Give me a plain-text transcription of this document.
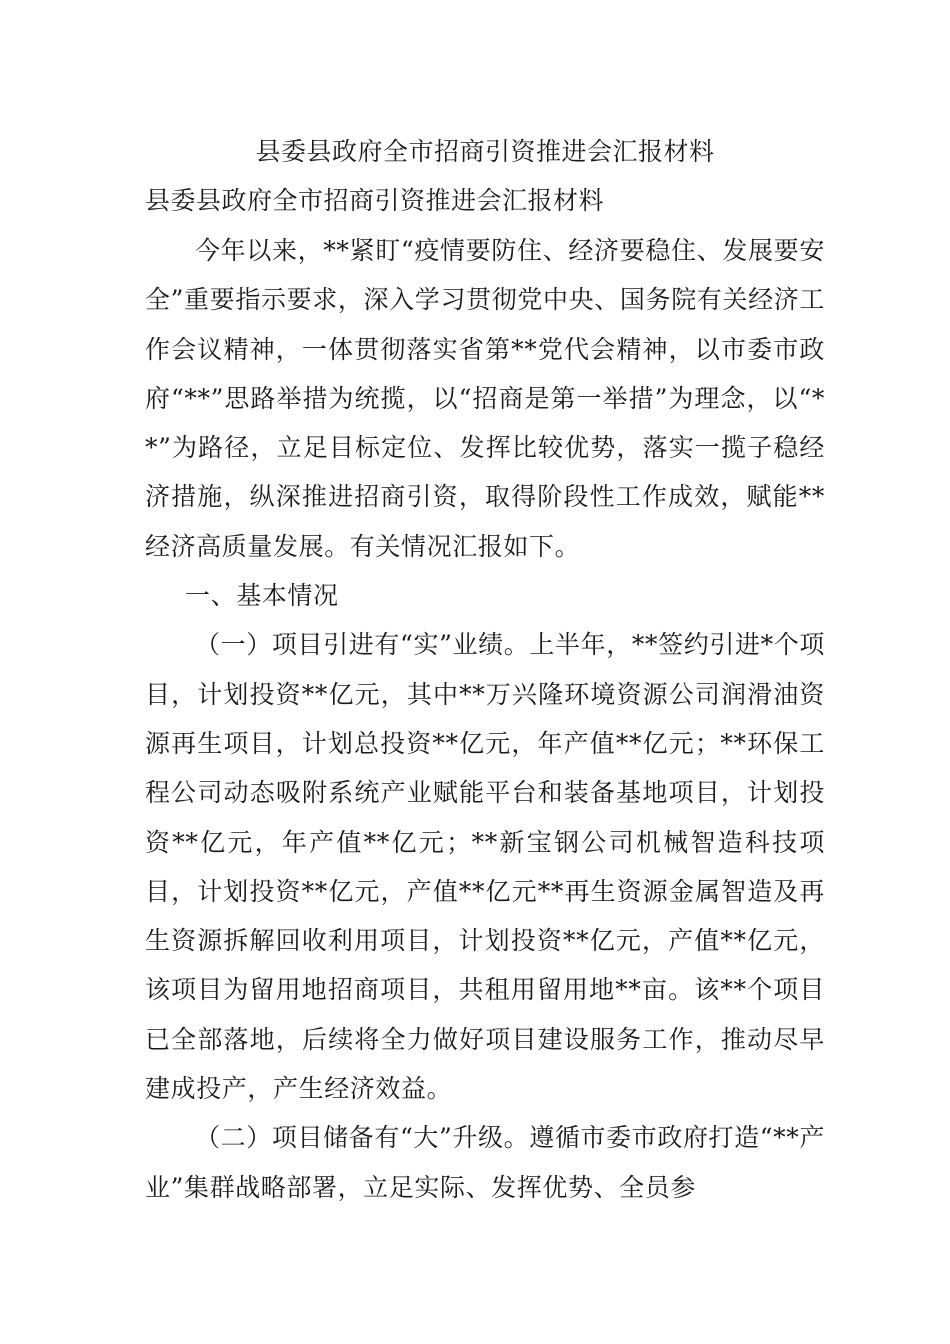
县委县政府全市招商引资推进会汇报材料
县委县政府全市招商引资推进会汇报材料

今年以来，**紧盯“疫情要防住、经济要稳住、发展要安全”重要指示要求，深入学习贯彻党中央、国务院有关经济工作会议精神，一体贯彻落实省第**党代会精神，以市委市政府“**”思路举措为统揽，以“招商是第一举措”为理念，以“**”为路径，立足目标定位、发挥比较优势，落实一揽子稳经济措施，纵深推进招商引资，取得阶段性工作成效，赋能**经济高质量发展。有关情况汇报如下。

一、基本情况

（一）项目引进有“实”业绩。上半年，**签约引进*个项目，计划投资**亿元，其中**万兴隆环境资源公司润滑油资源再生项目，计划总投资**亿元，年产值**亿元；**环保工程公司动态吸附系统产业赋能平台和装备基地项目，计划投资**亿元，年产值**亿元；**新宝钢公司机械智造科技项目，计划投资**亿元，产值**亿元**再生资源金属智造及再生资源拆解回收利用项目，计划投资**亿元，产值**亿元，该项目为留用地招商项目，共租用留用地**亩。该**个项目已全部落地，后续将全力做好项目建设服务工作，推动尽早建成投产，产生经济效益。

（二）项目储备有“大”升级。遵循市委市政府打造“**产业”集群战略部署，立足实际、发挥优势、全员参
